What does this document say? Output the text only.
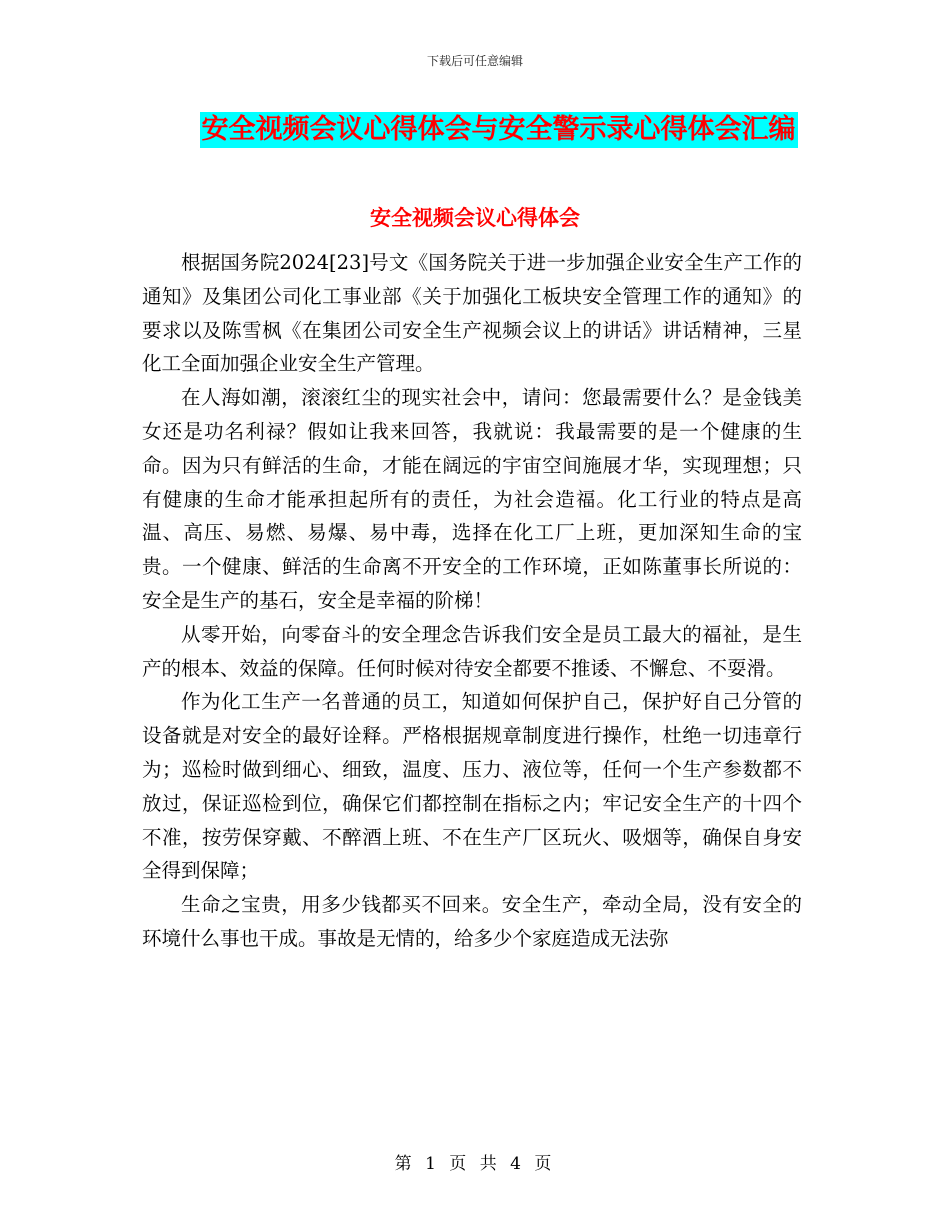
下载后可任意编辑
安全视频会议心得体会与安全警示录心得体会汇编
安全视频会议心得体会

根据国务院2024[23]号文《国务院关于进一步加强企业安全生产工作的通知》及集团公司化工事业部《关于加强化工板块安全管理工作的通知》的要求以及陈雪枫《在集团公司安全生产视频会议上的讲话》讲话精神，三星化工全面加强企业安全生产管理。

在人海如潮，滚滚红尘的现实社会中，请问：您最需要什么？是金钱美女还是功名利禄？假如让我来回答，我就说：我最需要的是一个健康的生命。因为只有鲜活的生命，才能在阔远的宇宙空间施展才华，实现理想；只有健康的生命才能承担起所有的责任，为社会造福。化工行业的特点是高温、高压、易燃、易爆、易中毒，选择在化工厂上班，更加深知生命的宝贵。一个健康、鲜活的生命离不开安全的工作环境，正如陈董事长所说的：安全是生产的基石，安全是幸福的阶梯！

从零开始，向零奋斗的安全理念告诉我们安全是员工最大的福祉，是生产的根本、效益的保障。任何时候对待安全都要不推诿、不懈怠、不耍滑。

作为化工生产一名普通的员工，知道如何保护自己，保护好自己分管的设备就是对安全的最好诠释。严格根据规章制度进行操作，杜绝一切违章行为；巡检时做到细心、细致，温度、压力、液位等，任何一个生产参数都不放过，保证巡检到位，确保它们都控制在指标之内；牢记安全生产的十四个不准，按劳保穿戴、不醉酒上班、不在生产厂区玩火、吸烟等，确保自身安全得到保障；

生命之宝贵，用多少钱都买不回来。安全生产，牵动全局，没有安全的环境什么事也干成。事故是无情的，给多少个家庭造成无法弥

第 1 页 共 4 页
